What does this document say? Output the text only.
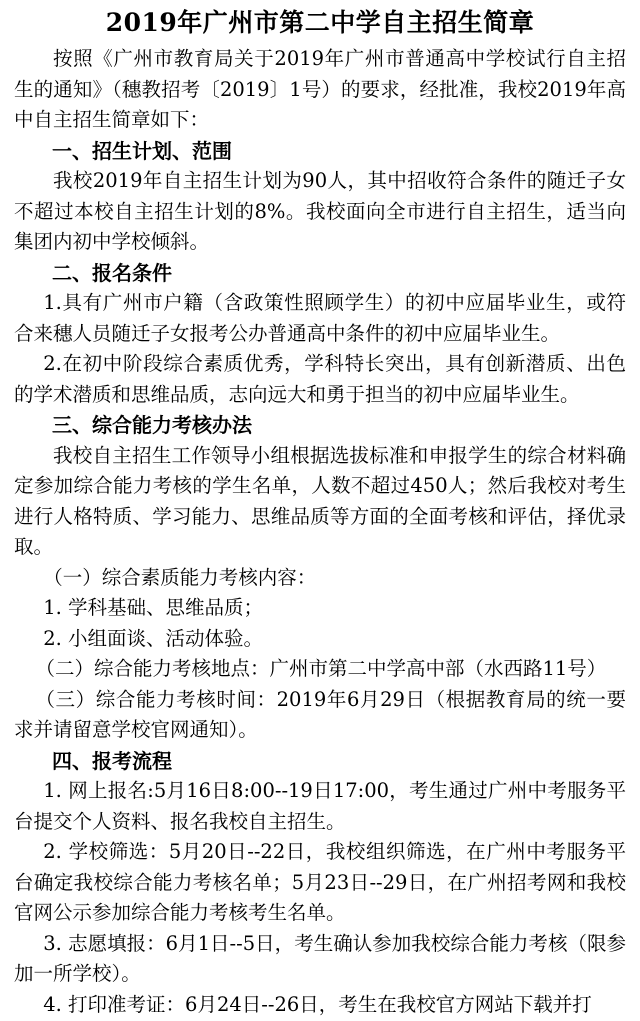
2019年广州市第二中学自主招生简章

按照《广州市教育局关于2019年广州市普通高中学校试行自主招生的通知》（穗教招考〔2019〕1号）的要求，经批准，我校2019年高中自主招生简章如下：

一、招生计划、范围

我校2019年自主招生计划为90人，其中招收符合条件的随迁子女不超过本校自主招生计划的8%。我校面向全市进行自主招生，适当向集团内初中学校倾斜。

二、报名条件

1.具有广州市户籍（含政策性照顾学生）的初中应届毕业生，或符合来穗人员随迁子女报考公办普通高中条件的初中应届毕业生。

2.在初中阶段综合素质优秀，学科特长突出，具有创新潜质、出色的学术潜质和思维品质，志向远大和勇于担当的初中应届毕业生。

三、综合能力考核办法

我校自主招生工作领导小组根据选拔标准和申报学生的综合材料确定参加综合能力考核的学生名单，人数不超过450人；然后我校对考生进行人格特质、学习能力、思维品质等方面的全面考核和评估，择优录取。

（一）综合素质能力考核内容：

1. 学科基础、思维品质；

2. 小组面谈、活动体验。

（二）综合能力考核地点：广州市第二中学高中部（水西路11号）

（三）综合能力考核时间：2019年6月29日（根据教育局的统一要求并请留意学校官网通知）。

四、报考流程

1. 网上报名:5月16日8:00--19日17:00，考生通过广州中考服务平台提交个人资料、报名我校自主招生。

2. 学校筛选：5月20日--22日，我校组织筛选，在广州中考服务平台确定我校综合能力考核名单；5月23日--29日，在广州招考网和我校官网公示参加综合能力考核考生名单。

3. 志愿填报：6月1日--5日，考生确认参加我校综合能力考核（限参加一所学校）。

4. 打印准考证：6月24日--26日，考生在我校官方网站下载并打
